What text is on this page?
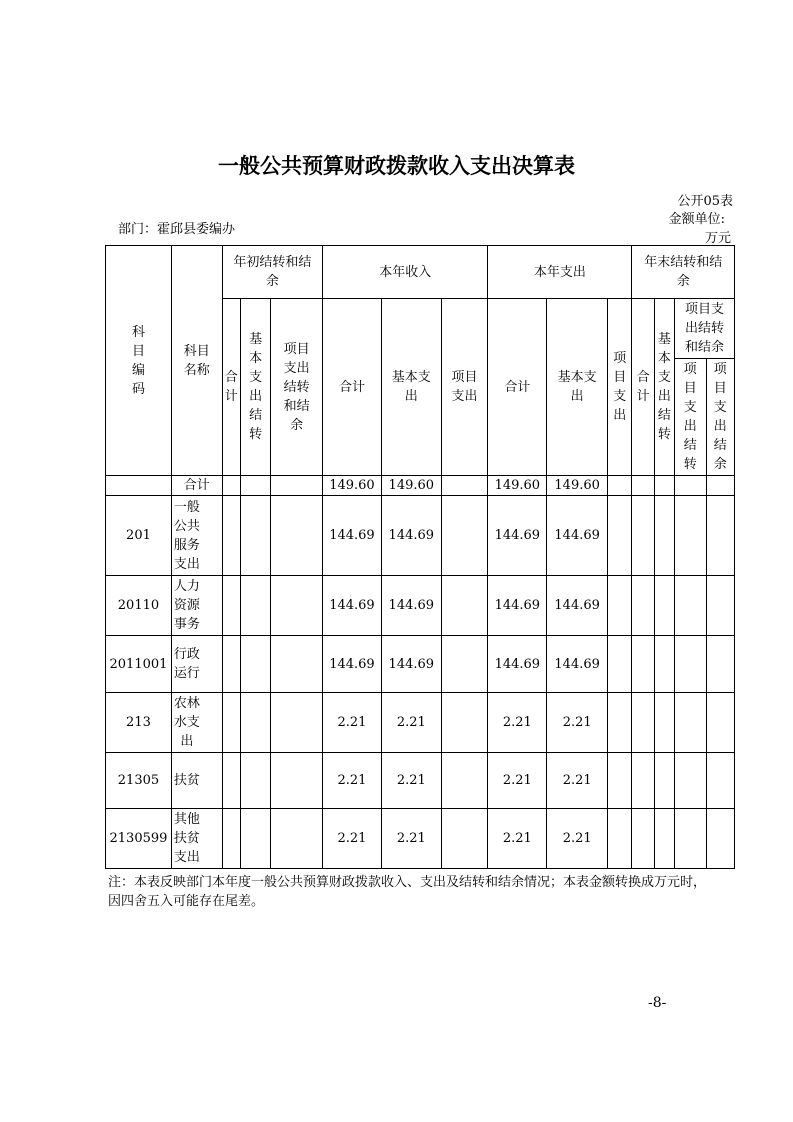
一般公共预算财政拨款收入支出决算表
公开05表
金额单位:
部门：霍邱县委编办
万元
科目编码	科目名称	年初结转和结余			本年收入			本年支出			年末结转和结余			

		合计	基本支出结转	项目支出结转和结余	合计	基本支出	项目支出	合计	基本支出	项目支出	合计	基本支出结转	项目支出结转和结余	

													项目支出结转	项目支出结余

	合计				149.60	149.60		149.60	149.60					
201	一般公共服务支出				144.69	144.69		144.69	144.69					
20110	人力资源事务				144.69	144.69		144.69	144.69					
2011001	行政运行				144.69	144.69		144.69	144.69					
213	农林水支出				2.21	2.21		2.21	2.21					
21305	扶贫				2.21	2.21		2.21	2.21					
2130599	其他扶贫支出				2.21	2.21		2.21	2.21					
注：本表反映部门本年度一般公共预算财政拨款收入、支出及结转和结余情况；本表金额转换成万元时，因四舍五入可能存在尾差。
-8-
